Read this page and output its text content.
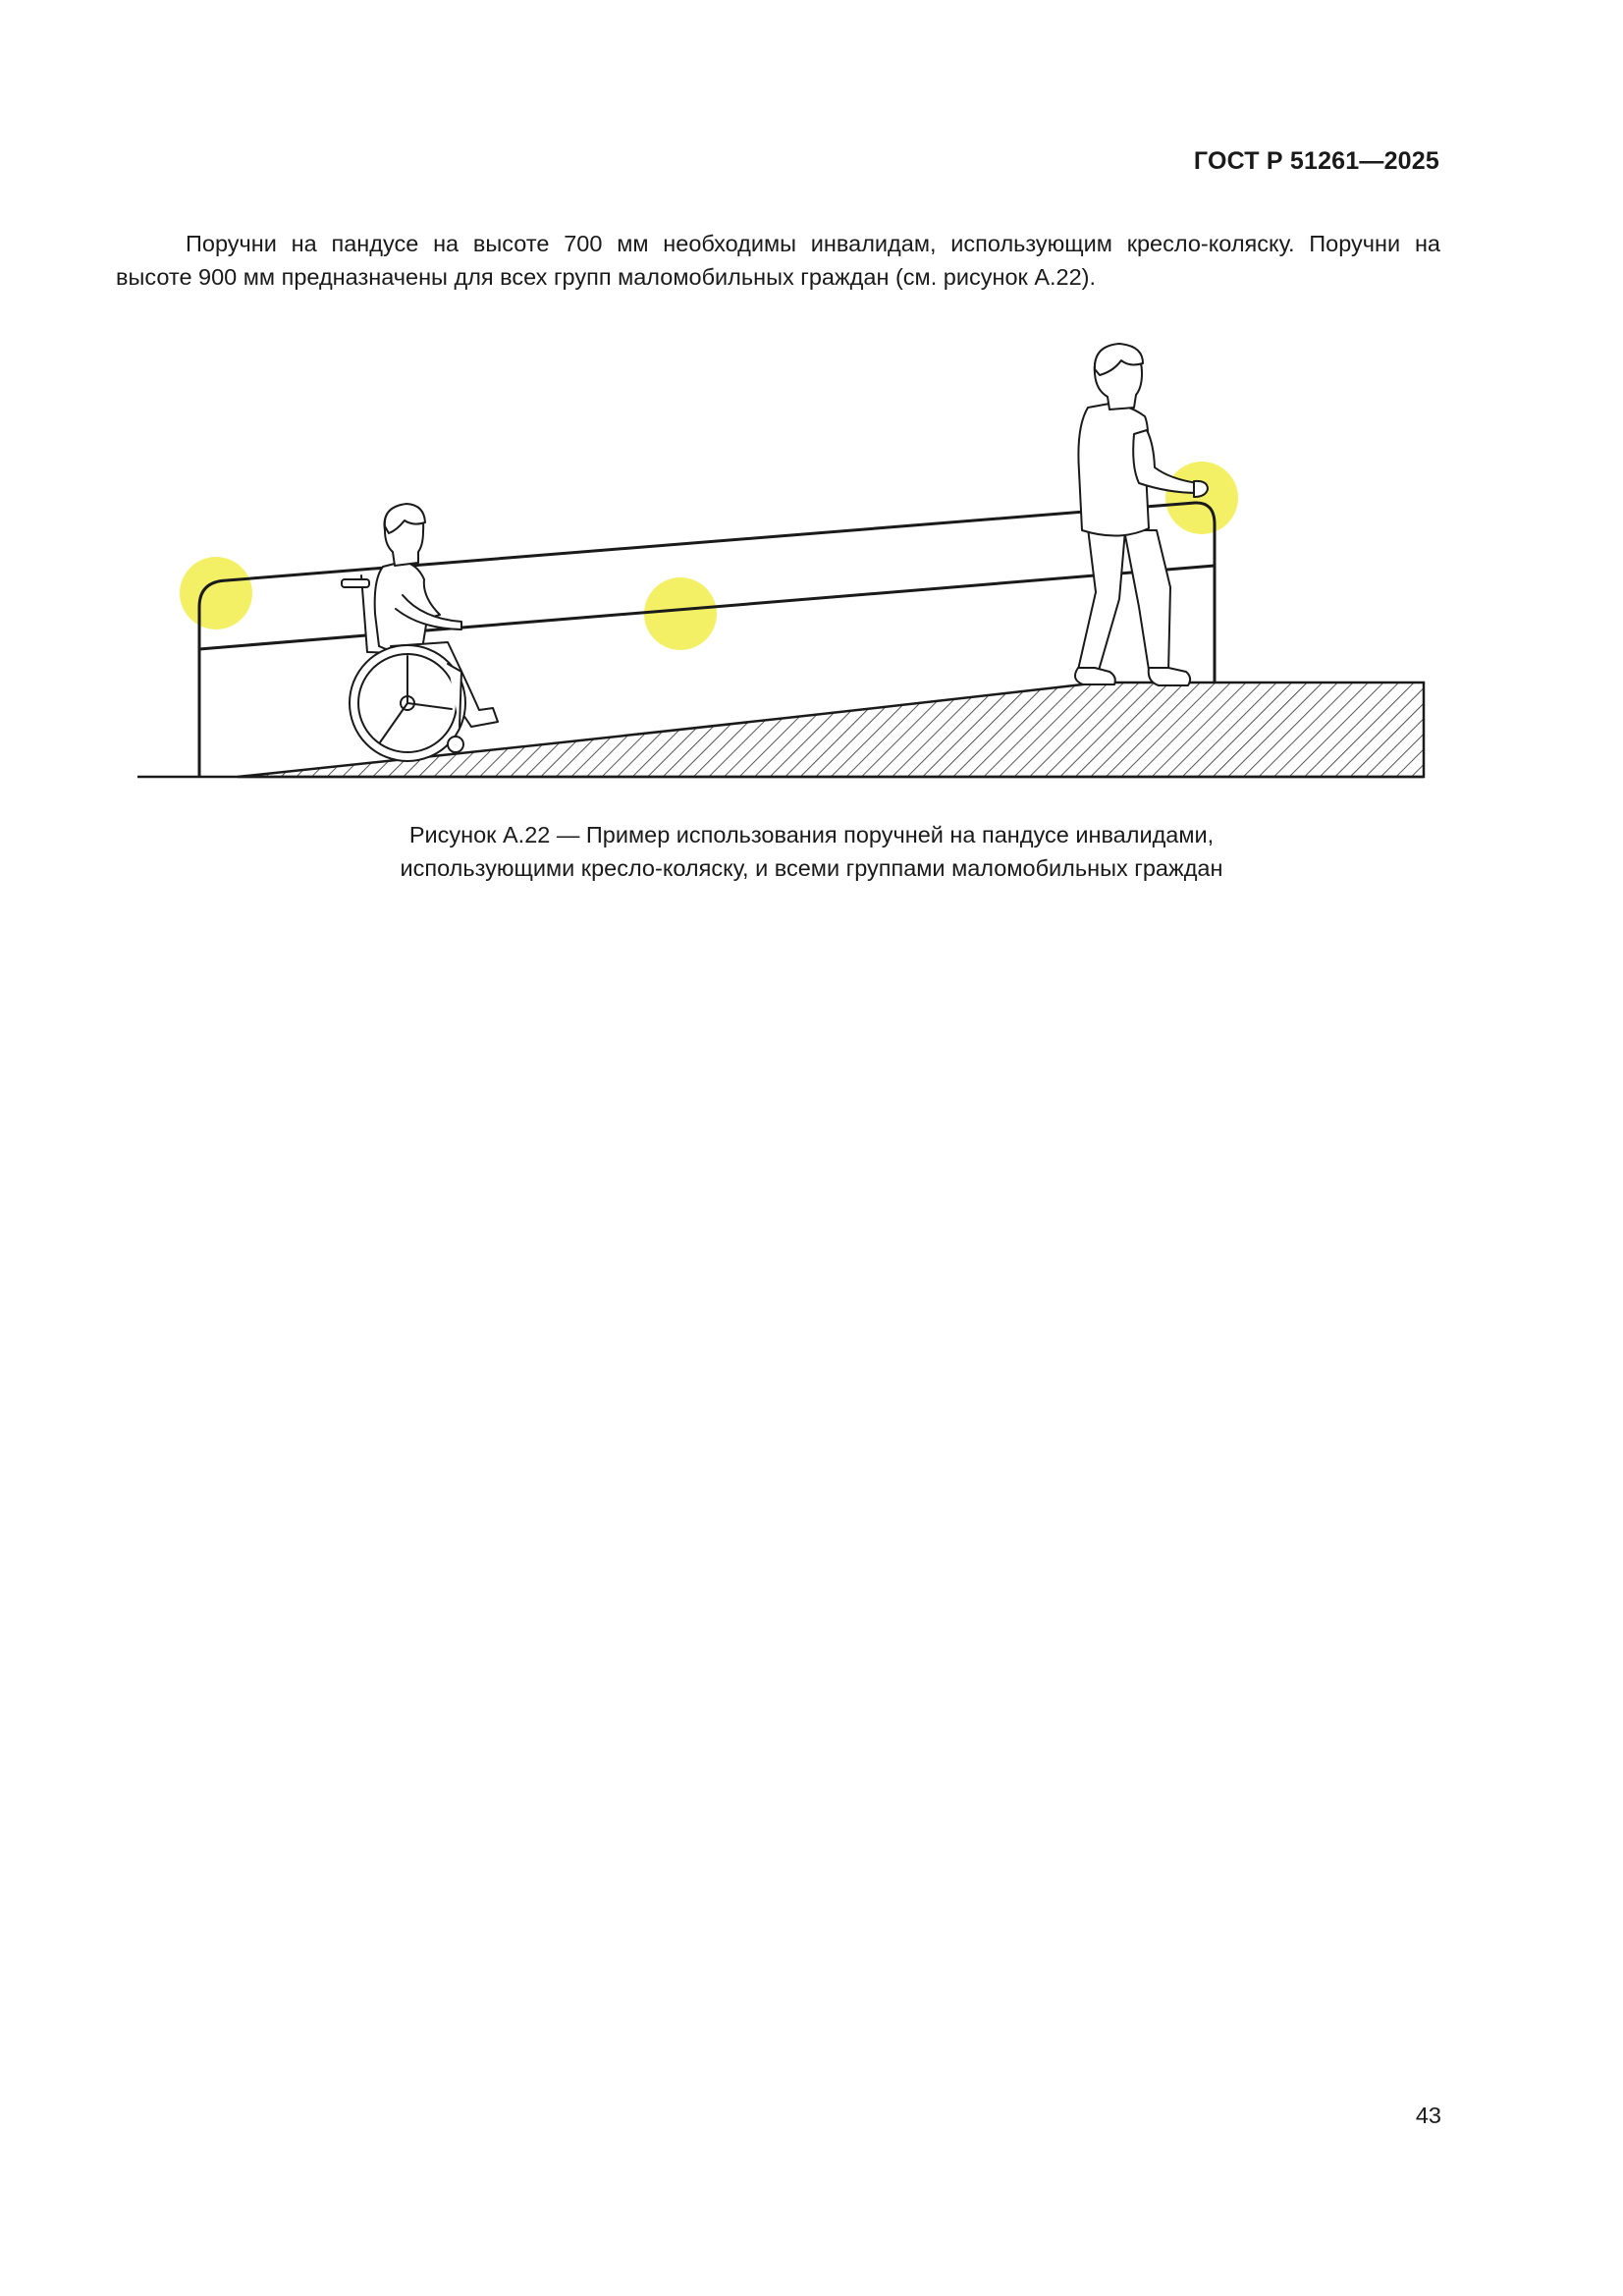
ГОСТ Р 51261—2025

Поручни на пандусе на высоте 700 мм необходимы инвалидам, использующим кресло-коляску. Поручни на
высоте 900 мм предназначены для всех групп маломобильных граждан (см. рисунок А.22).

Рисунок А.22 — Пример использования поручней на пандусе инвалидами,
использующими кресло-коляску, и всеми группами маломобильных граждан
43
